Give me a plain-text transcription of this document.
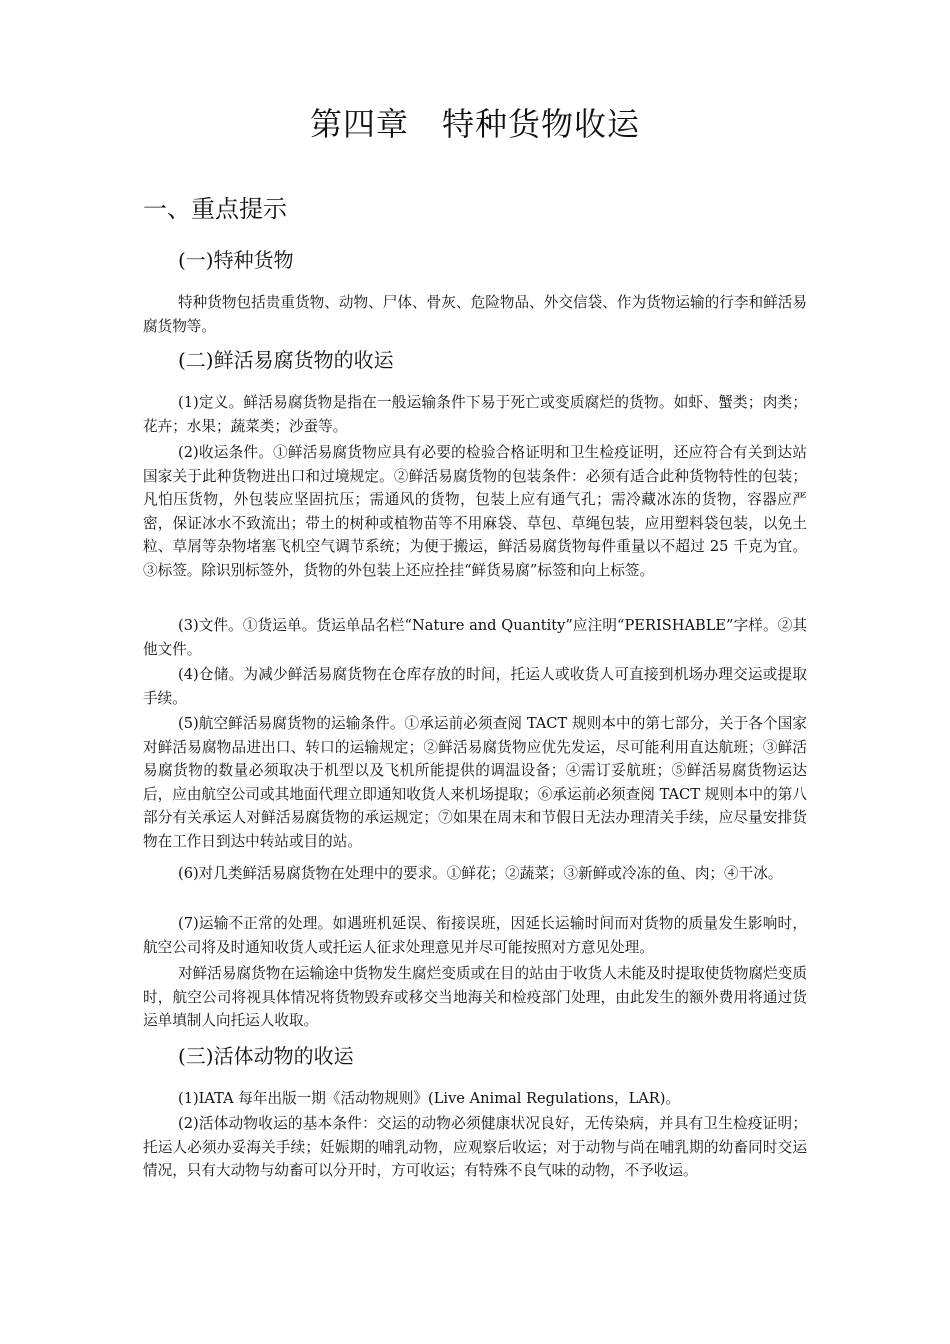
第四章　特种货物收运
一、重点提示
(一)特种货物

特种货物包括贵重货物、动物、尸体、骨灰、危险物品、外交信袋、作为货物运输的行李和鲜活易腐货物等。

(二)鲜活易腐货物的收运

(1)定义。鲜活易腐货物是指在一般运输条件下易于死亡或变质腐烂的货物。如虾、蟹类；肉类；花卉；水果；蔬菜类；沙蚕等。

(2)收运条件。①鲜活易腐货物应具有必要的检验合格证明和卫生检疫证明，还应符合有关到达站国家关于此种货物进出口和过境规定。②鲜活易腐货物的包装条件：必须有适合此种货物特性的包装；凡怕压货物，外包装应坚固抗压；需通风的货物，包装上应有通气孔；需冷藏冰冻的货物，容器应严密，保证冰水不致流出；带土的树种或植物苗等不用麻袋、草包、草绳包装，应用塑料袋包装，以免土粒、草屑等杂物堵塞飞机空气调节系统；为便于搬运，鲜活易腐货物每件重量以不超过 25 千克为宜。③标签。除识别标签外，货物的外包装上还应拴挂“鲜货易腐”标签和向上标签。

(3)文件。①货运单。货运单品名栏“Nature and Quantity”应注明“PERISHABLE”字样。②其他文件。

(4)仓储。为减少鲜活易腐货物在仓库存放的时间，托运人或收货人可直接到机场办理交运或提取手续。

(5)航空鲜活易腐货物的运输条件。①承运前必须查阅 TACT 规则本中的第七部分，关于各个国家对鲜活易腐物品进出口、转口的运输规定；②鲜活易腐货物应优先发运，尽可能利用直达航班；③鲜活易腐货物的数量必须取决于机型以及飞机所能提供的调温设备；④需订妥航班；⑤鲜活易腐货物运达后，应由航空公司或其地面代理立即通知收货人来机场提取；⑥承运前必须查阅 TACT 规则本中的第八部分有关承运人对鲜活易腐货物的承运规定；⑦如果在周末和节假日无法办理清关手续，应尽量安排货物在工作日到达中转站或目的站。

(6)对几类鲜活易腐货物在处理中的要求。①鲜花；②蔬菜；③新鲜或冷冻的鱼、肉；④干冰。

(7)运输不正常的处理。如遇班机延误、衔接误班，因延长运输时间而对货物的质量发生影响时，航空公司将及时通知收货人或托运人征求处理意见并尽可能按照对方意见处理。

对鲜活易腐货物在运输途中货物发生腐烂变质或在目的站由于收货人未能及时提取使货物腐烂变质时，航空公司将视具体情况将货物毁弃或移交当地海关和检疫部门处理，由此发生的额外费用将通过货运单填制人向托运人收取。

(三)活体动物的收运

(1)IATA 每年出版一期《活动物规则》(Live Animal Regulations，LAR)。

(2)活体动物收运的基本条件：交运的动物必须健康状况良好，无传染病，并具有卫生检疫证明；托运人必须办妥海关手续；妊娠期的哺乳动物，应观察后收运；对于动物与尚在哺乳期的幼畜同时交运情况，只有大动物与幼畜可以分开时，方可收运；有特殊不良气味的动物，不予收运。
